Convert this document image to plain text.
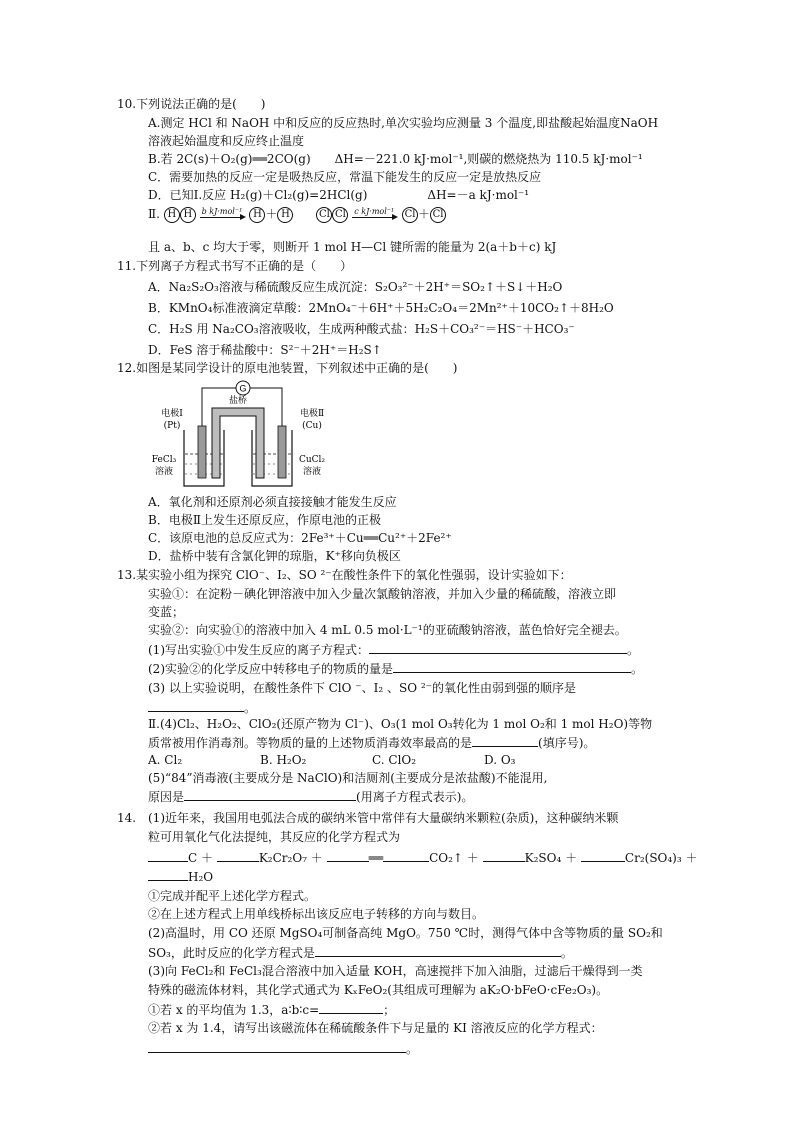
10.下列说法正确的是(　　)
A.测定 HCl 和 NaOH 中和反应的反应热时,单次实验均应测量 3 个温度,即盐酸起始温度NaOH
溶液起始温度和反应终止温度
B.若 2C(s)＋O₂(g)══2CO(g)　　ΔH=－221.0 kJ·mol⁻¹,则碳的燃烧热为 110.5 kJ·mol⁻¹
C．需要加热的反应一定是吸热反应，常温下能发生的反应一定是放热反应
D．已知Ⅰ.反应 H₂(g)＋Cl₂(g)=2HCl(g)　　　　　ΔH=－a kJ·mol⁻¹
Ⅱ. H H b kJ·mol⁻¹ H ＋ H	Cl Cl c kJ·mol⁻¹ Cl ＋ Cl
且 a、b、c 均大于零，则断开 1 mol H—Cl 键所需的能量为 2(a＋b＋c) kJ
11.下列离子方程式书写不正确的是（　　）
A．Na₂S₂O₃溶液与稀硫酸反应生成沉淀：S₂O₃²⁻＋2H⁺＝SO₂↑＋S↓＋H₂O
B．KMnO₄标准液滴定草酸：2MnO₄⁻＋6H⁺＋5H₂C₂O₄＝2Mn²⁺＋10CO₂↑＋8H₂O
C．H₂S 用 Na₂CO₃溶液吸收，生成两种酸式盐：H₂S＋CO₃²⁻＝HS⁻＋HCO₃⁻
D．FeS 溶于稀盐酸中：S²⁻＋2H⁺＝H₂S↑
12.如图是某同学设计的原电池装置，下列叙述中正确的是(　　)
G
盐桥
电极Ⅰ
(Pt)
电极Ⅱ
(Cu)
FeCl₃
溶液
CuCl₂
溶液
A．氧化剂和还原剂必须直接接触才能发生反应
B．电极Ⅱ上发生还原反应，作原电池的正极
C．该原电池的总反应式为：2Fe³⁺＋Cu══Cu²⁺＋2Fe²⁺
D．盐桥中装有含氯化钾的琼脂，K⁺移向负极区
13.某实验小组为探究 ClO⁻、I₂、SO ²⁻在酸性条件下的氧化性强弱，设计实验如下：
实验①：在淀粉－碘化钾溶液中加入少量次氯酸钠溶液，并加入少量的稀硫酸，溶液立即
变蓝；
实验②：向实验①的溶液中加入 4 mL 0.5 mol·L⁻¹的亚硫酸钠溶液，蓝色恰好完全褪去。
(1)写出实验①中发生反应的离子方程式：	。
(2)实验②的化学反应中转移电子的物质的量是	。
(3) 以上实验说明，在酸性条件下 ClO ⁻、I₂ 、SO ²⁻的氧化性由弱到强的顺序是
。
Ⅱ.(4)Cl₂、H₂O₂、ClO₂(还原产物为 Cl⁻)、O₃(1 mol O₃转化为 1 mol O₂和 1 mol H₂O)等物
质常被用作消毒剂。等物质的量的上述物质消毒效率最高的是	(填序号)。
A. Cl₂	B. H₂O₂	C. ClO₂	D. O₃
(5)“84”消毒液(主要成分是 NaClO)和洁厕剂(主要成分是浓盐酸)不能混用,
原因是	(用离子方程式表示)。
14. (1)近年来，我国用电弧法合成的碳纳米管中常伴有大量碳纳米颗粒(杂质)，这种碳纳米颗
粒可用氧化气化法提纯，其反应的化学方程式为
C ＋	K₂Cr₂O₇ ＋	══	CO₂↑ ＋	K₂SO₄ ＋	Cr₂(SO₄)₃ ＋
H₂O
①完成并配平上述化学方程式。
②在上述方程式上用单线桥标出该反应电子转移的方向与数目。
(2)高温时，用 CO 还原 MgSO₄可制备高纯 MgO。750 ℃时，测得气体中含等物质的量 SO₂和
SO₃，此时反应的化学方程式是	。
(3)向 FeCl₂和 FeCl₃混合溶液中加入适量 KOH，高速搅拌下加入油脂，过滤后干燥得到一类
特殊的磁流体材料，其化学式通式为 KₓFeO₂(其组成可理解为 aK₂O·bFeO·cFe₂O₃)。
①若 x 的平均值为 1.3，a∶b∶c=	；
②若 x 为 1.4，请写出该磁流体在稀硫酸条件下与足量的 KI 溶液反应的化学方程式：
。
